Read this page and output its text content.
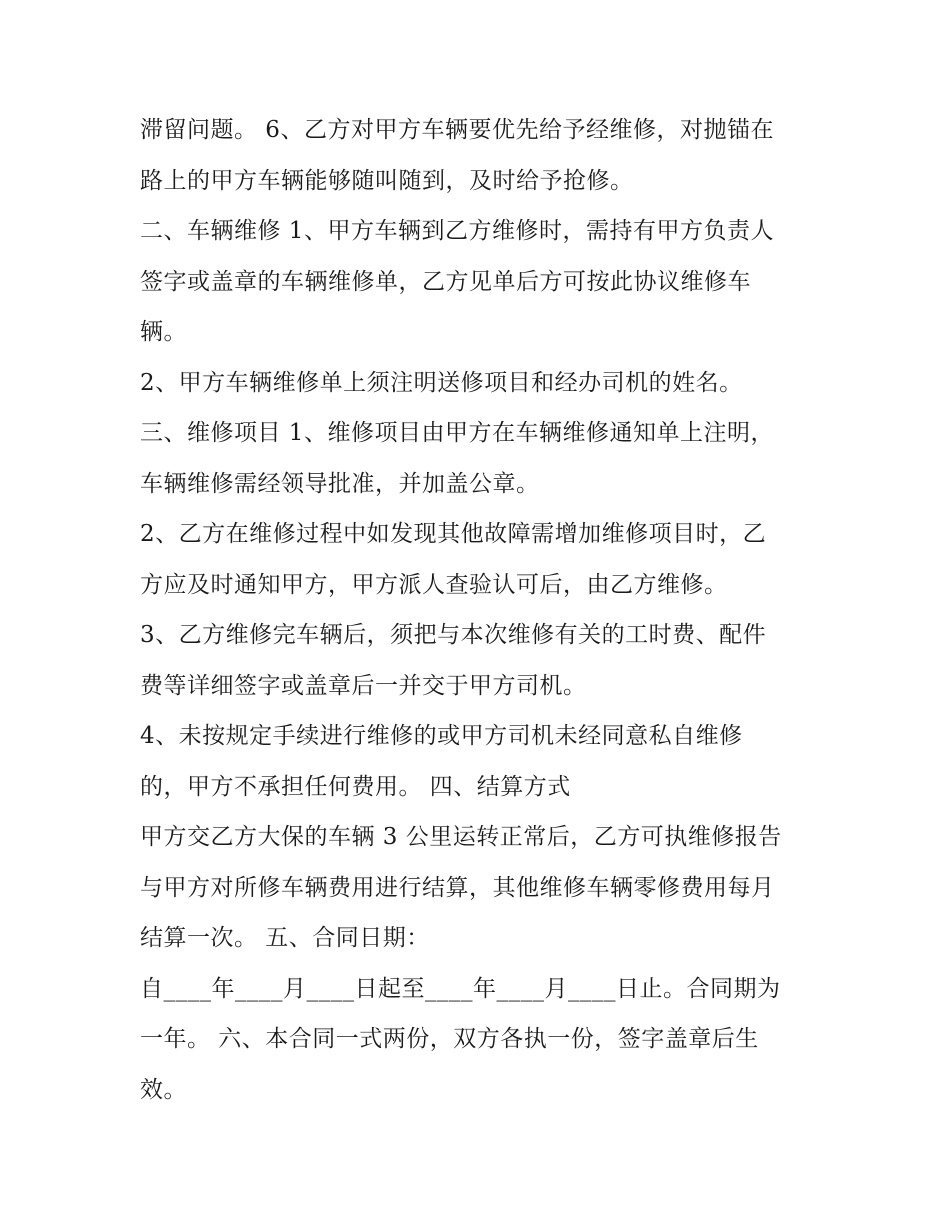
滞留问题。 6、乙方对甲方车辆要优先给予经维修，对抛锚在
路上的甲方车辆能够随叫随到，及时给予抢修。
二、车辆维修 1、甲方车辆到乙方维修时，需持有甲方负责人
签字或盖章的车辆维修单，乙方见单后方可按此协议维修车
辆。
2、甲方车辆维修单上须注明送修项目和经办司机的姓名。
三、维修项目 1、维修项目由甲方在车辆维修通知单上注明，
车辆维修需经领导批准，并加盖公章。
2、乙方在维修过程中如发现其他故障需增加维修项目时，乙
方应及时通知甲方，甲方派人查验认可后，由乙方维修。
3、乙方维修完车辆后，须把与本次维修有关的工时费、配件
费等详细签字或盖章后一并交于甲方司机。
4、未按规定手续进行维修的或甲方司机未经同意私自维修
的，甲方不承担任何费用。 四、结算方式
甲方交乙方大保的车辆 3 公里运转正常后，乙方可执维修报告
与甲方对所修车辆费用进行结算，其他维修车辆零修费用每月
结算一次。 五、合同日期：
自____年____月____日起至____年____月____日止。合同期为
一年。 六、本合同一式两份，双方各执一份，签字盖章后生
效。
